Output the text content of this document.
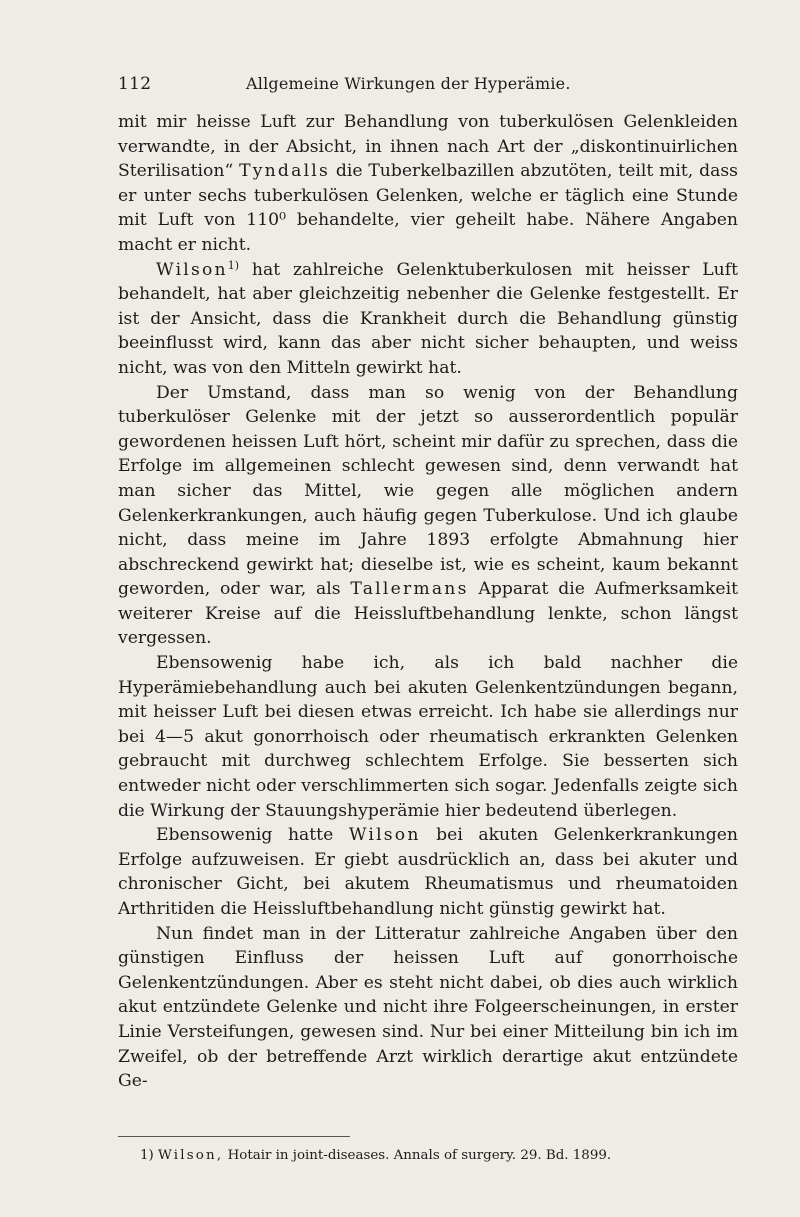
112	Allgemeine Wirkungen der Hyperämie.

mit mir heisse Luft zur Behandlung von tuberkulösen Gelenkleiden verwandte, in der Absicht, in ihnen nach Art der „diskontinuirlichen Sterilisation“ Tyndalls die Tuberkelbazillen abzutöten, teilt mit, dass er unter sechs tuberkulösen Gelenken, welche er täglich eine Stunde mit Luft von 110⁰ behandelte, vier geheilt habe. Nähere Angaben macht er nicht.

Wilson$^{1)}$ hat zahlreiche Gelenktuberkulosen mit heisser Luft behandelt, hat aber gleichzeitig nebenher die Gelenke festgestellt. Er ist der Ansicht, dass die Krankheit durch die Behandlung günstig beeinflusst wird, kann das aber nicht sicher behaupten, und weiss nicht, was von den Mitteln gewirkt hat.

Der Umstand, dass man so wenig von der Behandlung tuberkulöser Gelenke mit der jetzt so ausserordentlich populär gewordenen heissen Luft hört, scheint mir dafür zu sprechen, dass die Erfolge im allgemeinen schlecht gewesen sind, denn verwandt hat man sicher das Mittel, wie gegen alle möglichen andern Gelenkerkrankungen, auch häufig gegen Tuberkulose. Und ich glaube nicht, dass meine im Jahre 1893 erfolgte Abmahnung hier abschreckend gewirkt hat; dieselbe ist, wie es scheint, kaum bekannt geworden, oder war, als Tallermans Apparat die Aufmerksamkeit weiterer Kreise auf die Heissluftbehandlung lenkte, schon längst vergessen.

Ebensowenig habe ich, als ich bald nachher die Hyperämiebehandlung auch bei akuten Gelenkentzündungen begann, mit heisser Luft bei diesen etwas erreicht. Ich habe sie allerdings nur bei 4—5 akut gonorrhoisch oder rheumatisch erkrankten Gelenken gebraucht mit durchweg schlechtem Erfolge. Sie besserten sich entweder nicht oder verschlimmerten sich sogar. Jedenfalls zeigte sich die Wirkung der Stauungshyperämie hier bedeutend überlegen.

Ebensowenig hatte Wilson bei akuten Gelenkerkrankungen Erfolge aufzuweisen. Er giebt ausdrücklich an, dass bei akuter und chronischer Gicht, bei akutem Rheumatismus und rheumatoiden Arthritiden die Heissluftbehandlung nicht günstig gewirkt hat.

Nun findet man in der Litteratur zahlreiche Angaben über den günstigen Einfluss der heissen Luft auf gonorrhoische Gelenkentzündungen. Aber es steht nicht dabei, ob dies auch wirklich akut entzündete Gelenke und nicht ihre Folgeerscheinungen, in erster Linie Versteifungen, gewesen sind. Nur bei einer Mitteilung bin ich im Zweifel, ob der betreffende Arzt wirklich derartige akut entzündete Ge-

1) Wilson, Hotair in joint-diseases. Annals of surgery. 29. Bd. 1899.
